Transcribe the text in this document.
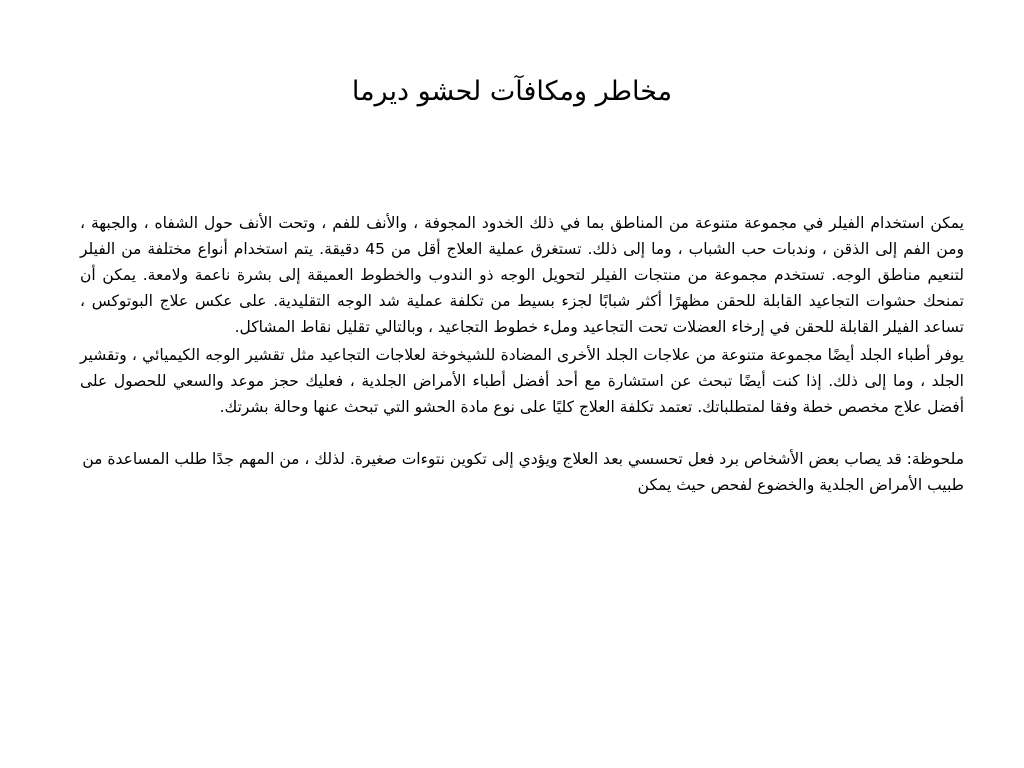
مخاطر ومكافآت لحشو ديرما

يمكن استخدام الفيلر في مجموعة متنوعة من المناطق بما في ذلك الخدود المجوفة ، والأنف للفم ، وتحت الأنف حول الشفاه ، والجبهة ، ومن الفم إلى الذقن ، وندبات حب الشباب ، وما إلى ذلك. تستغرق عملية العلاج أقل من 45 دقيقة. يتم استخدام أنواع مختلفة من الفيلر لتنعيم مناطق الوجه. تستخدم مجموعة من منتجات الفيلر لتحويل الوجه ذو الندوب والخطوط العميقة إلى بشرة ناعمة ولامعة. يمكن أن تمنحك حشوات التجاعيد القابلة للحقن مظهرًا أكثر شبابًا لجزء بسيط من تكلفة عملية شد الوجه التقليدية. على عكس علاج البوتوكس ، تساعد الفيلر القابلة للحقن في إرخاء العضلات تحت التجاعيد وملء خطوط التجاعيد ، وبالتالي تقليل نقاط المشاكل.

يوفر أطباء الجلد أيضًا مجموعة متنوعة من علاجات الجلد الأخرى المضادة للشيخوخة لعلاجات التجاعيد مثل تقشير الوجه الكيميائي ، وتقشير الجلد ، وما إلى ذلك. إذا كنت أيضًا تبحث عن استشارة مع أحد أفضل أطباء الأمراض الجلدية ، فعليك حجز موعد والسعي للحصول على أفضل علاج مخصص خطة وفقا لمتطلباتك. تعتمد تكلفة العلاج كليًا على نوع مادة الحشو التي تبحث عنها وحالة بشرتك.

ملحوظة: قد يصاب بعض الأشخاص برد فعل تحسسي بعد العلاج ويؤدي إلى تكوين نتوءات صغيرة. لذلك ، من المهم جدًا طلب المساعدة من طبيب الأمراض الجلدية والخضوع لفحص حيث يمكن
